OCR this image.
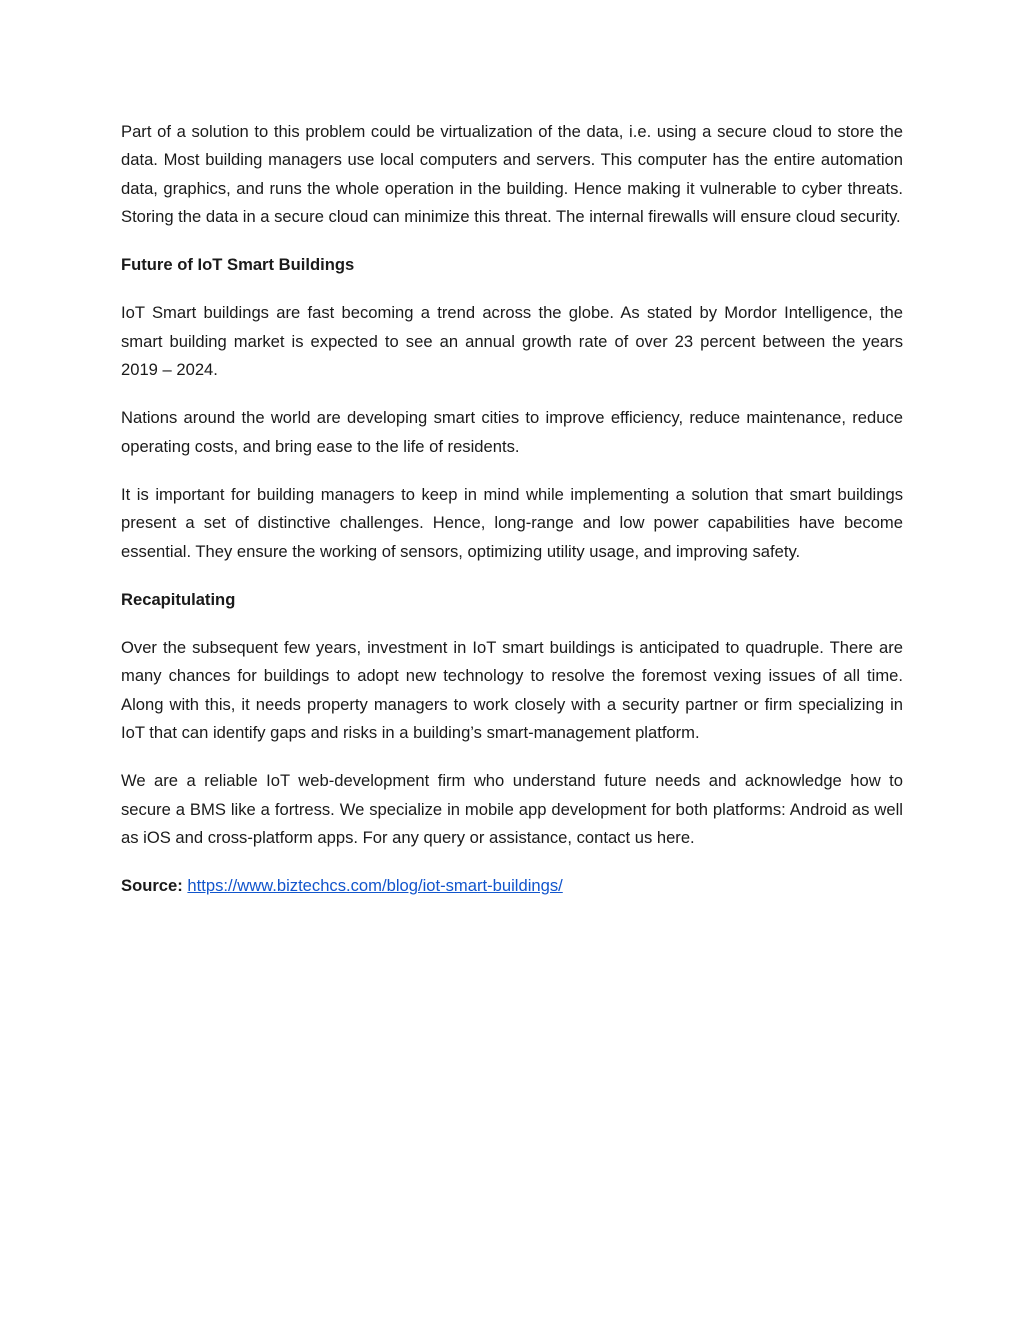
Part of a solution to this problem could be virtualization of the data, i.e. using a secure cloud to store the data. Most building managers use local computers and servers. This computer has the entire automation data, graphics, and runs the whole operation in the building. Hence making it vulnerable to cyber threats. Storing the data in a secure cloud can minimize this threat. The internal firewalls will ensure cloud security.

Future of IoT Smart Buildings

IoT Smart buildings are fast becoming a trend across the globe. As stated by Mordor Intelligence, the smart building market is expected to see an annual growth rate of over 23 percent between the years 2019 – 2024.

Nations around the world are developing smart cities to improve efficiency, reduce maintenance, reduce operating costs, and bring ease to the life of residents.

It is important for building managers to keep in mind while implementing a solution that smart buildings present a set of distinctive challenges. Hence, long-range and low power capabilities have become essential. They ensure the working of sensors, optimizing utility usage, and improving safety.

Recapitulating

Over the subsequent few years, investment in IoT smart buildings is anticipated to quadruple. There are many chances for buildings to adopt new technology to resolve the foremost vexing issues of all time. Along with this, it needs property managers to work closely with a security partner or firm specializing in IoT that can identify gaps and risks in a building’s smart-management platform.

We are a reliable IoT web-development firm who understand future needs and acknowledge how to secure a BMS like a fortress. We specialize in mobile app development for both platforms: Android as well as iOS and cross-platform apps. For any query or assistance, contact us here.

Source: https://www.biztechcs.com/blog/iot-smart-buildings/
